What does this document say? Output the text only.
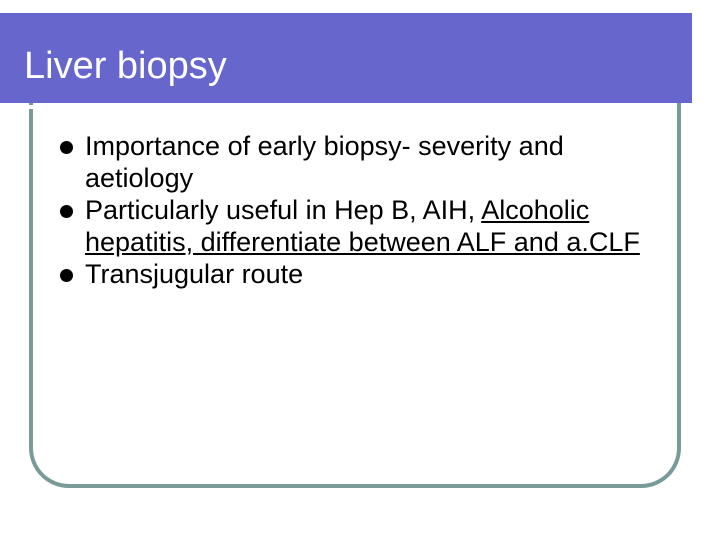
Liver biopsy
Importance of early biopsy- severity and aetiology
Particularly useful in Hep B, AIH, Alcoholic hepatitis, differentiate between ALF and a.CLF
Transjugular route
